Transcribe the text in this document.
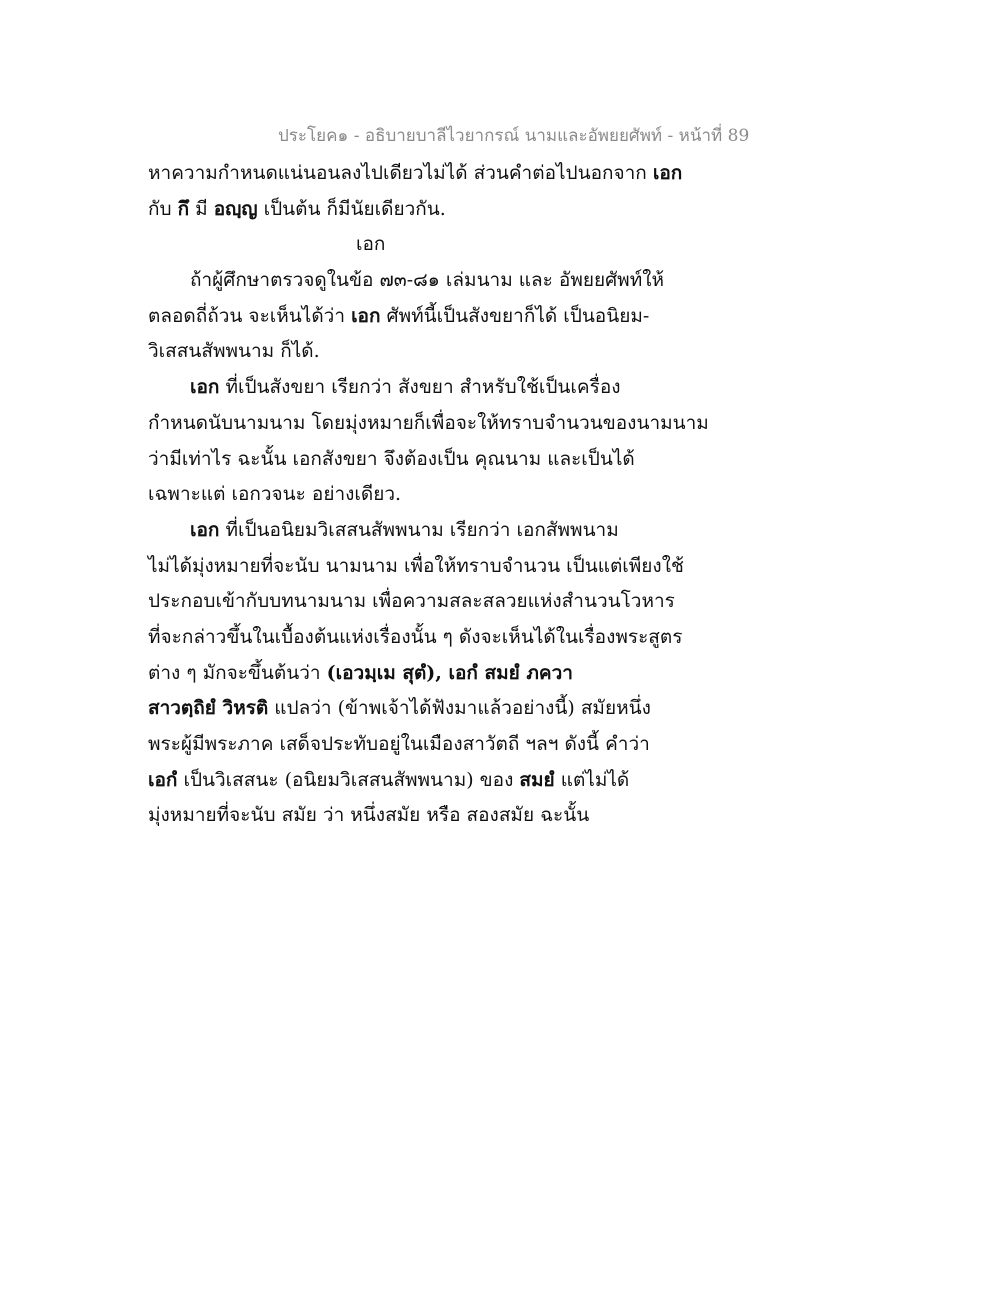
ประโยค๑ - อธิบายบาลีไวยากรณ์ นามและอัพยยศัพท์ - หน้าที่ 89
หาความกำหนดแน่นอนลงไปเดียวไม่ได้ ส่วนคำต่อไปนอกจาก เอก
กับ กึ มี อญฺญ เป็นต้น ก็มีนัยเดียวกัน.
เอก
ถ้าผู้ศึกษาตรวจดูในข้อ ๗๓-๘๑ เล่มนาม และ อัพยยศัพท์ให้
ตลอดถี่ถ้วน จะเห็นได้ว่า เอก ศัพท์นี้เป็นสังขยาก็ได้ เป็นอนิยม-
วิเสสนสัพพนาม ก็ได้.
เอก ที่เป็นสังขยา เรียกว่า สังขยา สำหรับใช้เป็นเครื่อง
กำหนดนับนามนาม โดยมุ่งหมายก็เพื่อจะให้ทราบจำนวนของนามนาม
ว่ามีเท่าไร ฉะนั้น เอกสังขยา จึงต้องเป็น คุณนาม และเป็นได้
เฉพาะแต่ เอกวจนะ อย่างเดียว.
เอก ที่เป็นอนิยมวิเสสนสัพพนาม เรียกว่า เอกสัพพนาม
ไม่ได้มุ่งหมายที่จะนับ นามนาม เพื่อให้ทราบจำนวน เป็นแต่เพียงใช้
ประกอบเข้ากับบทนามนาม เพื่อความสละสลวยแห่งสำนวนโวหาร
ที่จะกล่าวขึ้นในเบื้องต้นแห่งเรื่องนั้น ๆ ดังจะเห็นได้ในเรื่องพระสูตร
ต่าง ๆ มักจะขึ้นต้นว่า (เอวมฺเม สุตํ), เอกํ สมยํ ภควา
สาวตฺถิยํ วิหรติ แปลว่า (ข้าพเจ้าได้ฟังมาแล้วอย่างนี้) สมัยหนึ่ง
พระผู้มีพระภาค เสด็จประทับอยู่ในเมืองสาวัตถี ฯลฯ ดังนี้ คำว่า
เอกํ เป็นวิเสสนะ (อนิยมวิเสสนสัพพนาม) ของ สมยํ แต่ไม่ได้
มุ่งหมายที่จะนับ สมัย ว่า หนึ่งสมัย หรือ สองสมัย ฉะนั้น
